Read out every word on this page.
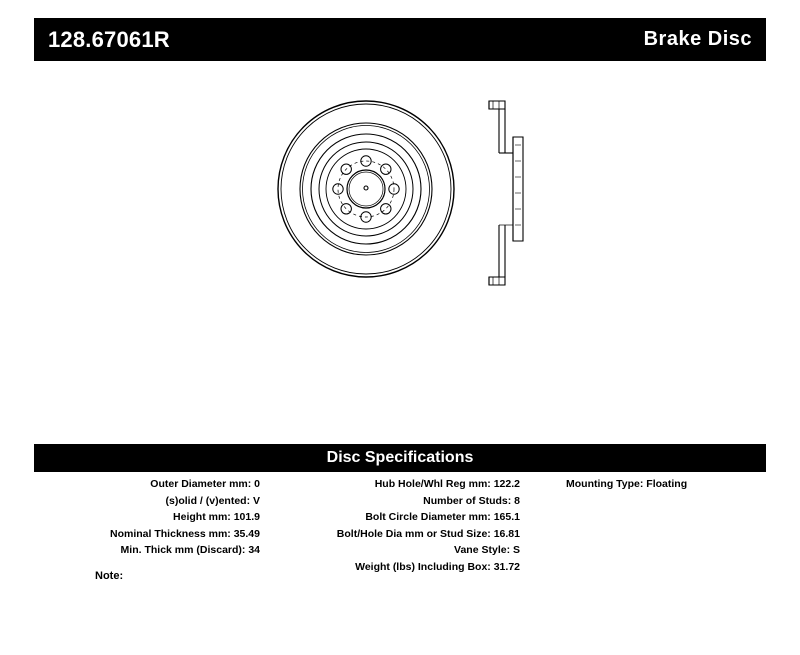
128.67061R	Brake Disc
Disc Specifications
Outer Diameter mm: 0
(s)olid / (v)ented: V
Height mm: 101.9
Nominal Thickness mm: 35.49
Min. Thick mm (Discard): 34
Hub Hole/Whl Reg mm: 122.2
Number of Studs: 8
Bolt Circle Diameter mm: 165.1
Bolt/Hole Dia mm or Stud Size: 16.81
Vane Style: S
Weight (lbs) Including Box: 31.72
Mounting Type: Floating
Note:
